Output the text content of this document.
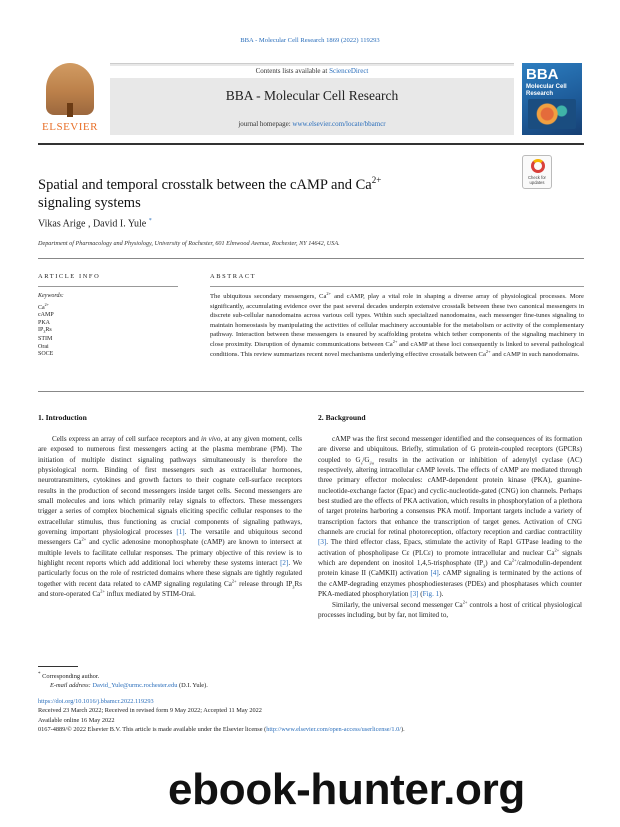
BBA - Molecular Cell Research 1869 (2022) 119293
ELSEVIER
Contents lists available at ScienceDirect
BBA - Molecular Cell Research
journal homepage: www.elsevier.com/locate/bbamcr
BBA
Molecular Cell Research
Spatial and temporal crosstalk between the cAMP and $Ca^{2+}$
signaling systems
Check for
updates
Vikas Arige , David I. Yule *
Department of Pharmacology and Physiology, University of Rochester, 601 Elmwood Avenue, Rochester, NY 14642, USA.
ARTICLE INFO	ABSTRACT
Keywords:
$Ca^{2+}$
cAMP
PKA
$IP_3Rs$
STIM
Orai
SOCE
The ubiquitous secondary messengers, $Ca^{2+}$ and cAMP, play a vital role in shaping a diverse array of physiological processes. More significantly, accumulating evidence over the past several decades underpin extensive crosstalk between these two canonical messengers in discrete sub-cellular nanodomains across various cell types. Within such specialized nanodomains, each messenger fine-tunes signaling to maintain homeostasis by manipulating the activities of cellular machinery accountable for the metabolism or activity of the complementary pathway. Interaction between these messengers is ensured by scaffolding proteins which tether components of the signaling machinery in close proximity. Disruption of dynamic communications between $Ca^{2+}$ and cAMP at these loci consequently is linked to several pathological conditions. This review summarizes recent novel mechanisms underlying effective crosstalk between $Ca^{2+}$ and cAMP in such nanodomains.
1. Introduction	2. Background

Cells express an array of cell surface receptors and in vivo, at any given moment, cells are exposed to numerous first messengers acting at the plasma membrane (PM). The initiation of multiple distinct signaling pathways simultaneously is therefore the physiological norm. Binding of first messengers such as extracellular hormones, neurotransmitters, cytokines and growth factors to their cognate cell-surface receptors results in the production of second messengers inside target cells. Second messengers are small molecules and ions which primarily relay signals to effectors. These messengers trigger a series of complex biochemical signals eliciting specific cellular responses to the extracellular stimulus, thus functioning as crucial components of signaling pathways, governing important physiological processes [1]. The versatile and ubiquitous second messengers $Ca^{2+}$ and cyclic adenosine monophosphate (cAMP) are known to intersect at multiple levels to facilitate cellular responses. The primary objective of this review is to highlight recent reports which add additional loci whereby these systems interact [2]. We particularly focus on the role of restricted domains where these signals are tightly regulated together with recent data related to cAMP signaling regulating $Ca^{2+}$ release through $IP_3Rs$ and store-operated $Ca^{2+}$ influx mediated by STIM-Orai.

cAMP was the first second messenger identified and the consequences of its formation are diverse and ubiquitous. Briefly, stimulation of G protein-coupled receptors (GPCRs) coupled to $G_s/G_{i/o}$ results in the activation or inhibition of adenylyl cyclase (AC) respectively, altering intracellular cAMP levels. The effects of cAMP are mediated through three primary effector molecules: cAMP-dependent protein kinase (PKA), guanine-nucleotide-exchange factor (Epac) and cyclic-nucleotide-gated (CNG) ion channels. Perhaps best studied are the effects of PKA activation, which results in phosphorylation of a plethora of target proteins harboring a consensus PKA motif. Important targets include a variety of transcription factors that enhance the transcription of target genes. Activation of CNG channels are crucial for retinal photoreception, olfactory reception and cardiac contractility [3]. The third effector class, Epacs, stimulate the activity of Rap1 GTPase leading to the activation of phospholipase Cε (PLCε) to promote intracellular and nuclear $Ca^{2+}$ signals which are dependent on inositol 1,4,5-trisphosphate $(IP_3)$ and $Ca^{2+}/calmodulin$-dependent protein kinase II (CaMKII) activation [4]. cAMP signaling is terminated by the actions of the cAMP-degrading enzymes phosphodiesterases (PDEs) and phosphatases which counter PKA-mediated phosphorylation [3] (Fig. 1).

Similarly, the universal second messenger $Ca^{2+}$ controls a host of critical physiological processes including, but by far, not limited to,

* Corresponding author.
E-mail address: David_Yule@urmc.rochester.edu (D.I. Yule).
https://doi.org/10.1016/j.bbamcr.2022.119293
Received 23 March 2022; Received in revised form 9 May 2022; Accepted 11 May 2022
Available online 16 May 2022
0167-4889/© 2022 Elsevier B.V. This article is made available under the Elsevier license (http://www.elsevier.com/open-access/userlicense/1.0/).
ebook-hunter.org
